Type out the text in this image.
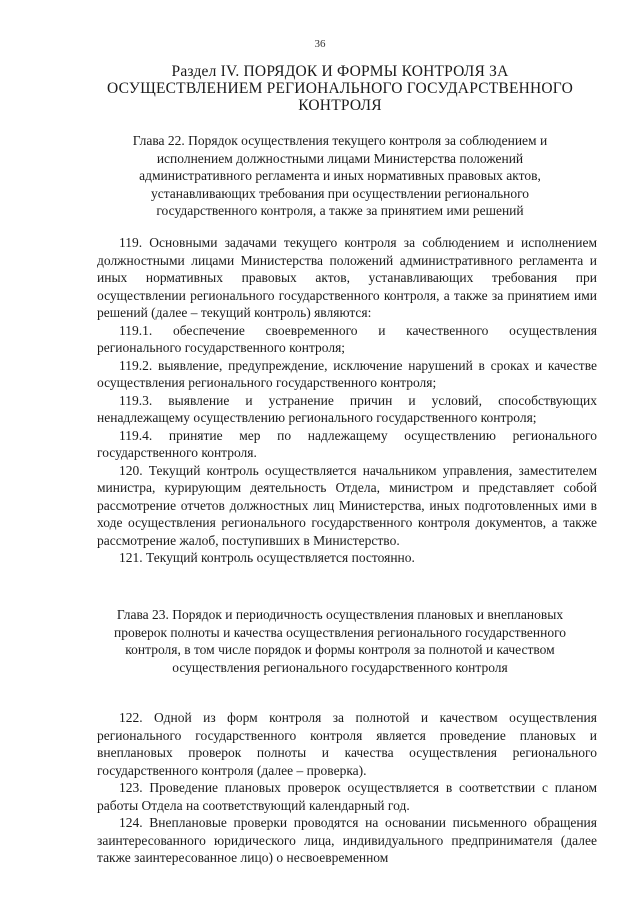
36
Раздел IV. ПОРЯДОК И ФОРМЫ КОНТРОЛЯ ЗА ОСУЩЕСТВЛЕНИЕМ РЕГИОНАЛЬНОГО ГОСУДАРСТВЕННОГО КОНТРОЛЯ
Глава 22. Порядок осуществления текущего контроля за соблюдением и исполнением должностными лицами Министерства положений административного регламента и иных нормативных правовых актов, устанавливающих требования при осуществлении регионального государственного контроля, а также за принятием ими решений

119. Основными задачами текущего контроля за соблюдением и исполнением должностными лицами Министерства положений административного регламента и иных нормативных правовых актов, устанавливающих требования при осуществлении регионального государственного контроля, а также за принятием ими решений (далее – текущий контроль) являются:

119.1. обеспечение своевременного и качественного осуществления регионального государственного контроля;

119.2. выявление, предупреждение, исключение нарушений в сроках и качестве осуществления регионального государственного контроля;

119.3. выявление и устранение причин и условий, способствующих ненадлежащему осуществлению регионального государственного контроля;

119.4. принятие мер по надлежащему осуществлению регионального государственного контроля.

120. Текущий контроль осуществляется начальником управления, заместителем министра, курирующим деятельность Отдела, министром и представляет собой рассмотрение отчетов должностных лиц Министерства, иных подготовленных ими в ходе осуществления регионального государственного контроля документов, а также рассмотрение жалоб, поступивших в Министерство.

121. Текущий контроль осуществляется постоянно.

Глава 23. Порядок и периодичность осуществления плановых и внеплановых проверок полноты и качества осуществления регионального государственного контроля, в том числе порядок и формы контроля за полнотой и качеством осуществления регионального государственного контроля

122. Одной из форм контроля за полнотой и качеством осуществления регионального государственного контроля является проведение плановых и внеплановых проверок полноты и качества осуществления регионального государственного контроля (далее – проверка).

123. Проведение плановых проверок осуществляется в соответствии с планом работы Отдела на соответствующий календарный год.

124. Внеплановые проверки проводятся на основании письменного обращения заинтересованного юридического лица, индивидуального предпринимателя (далее также заинтересованное лицо) о несвоевременном
